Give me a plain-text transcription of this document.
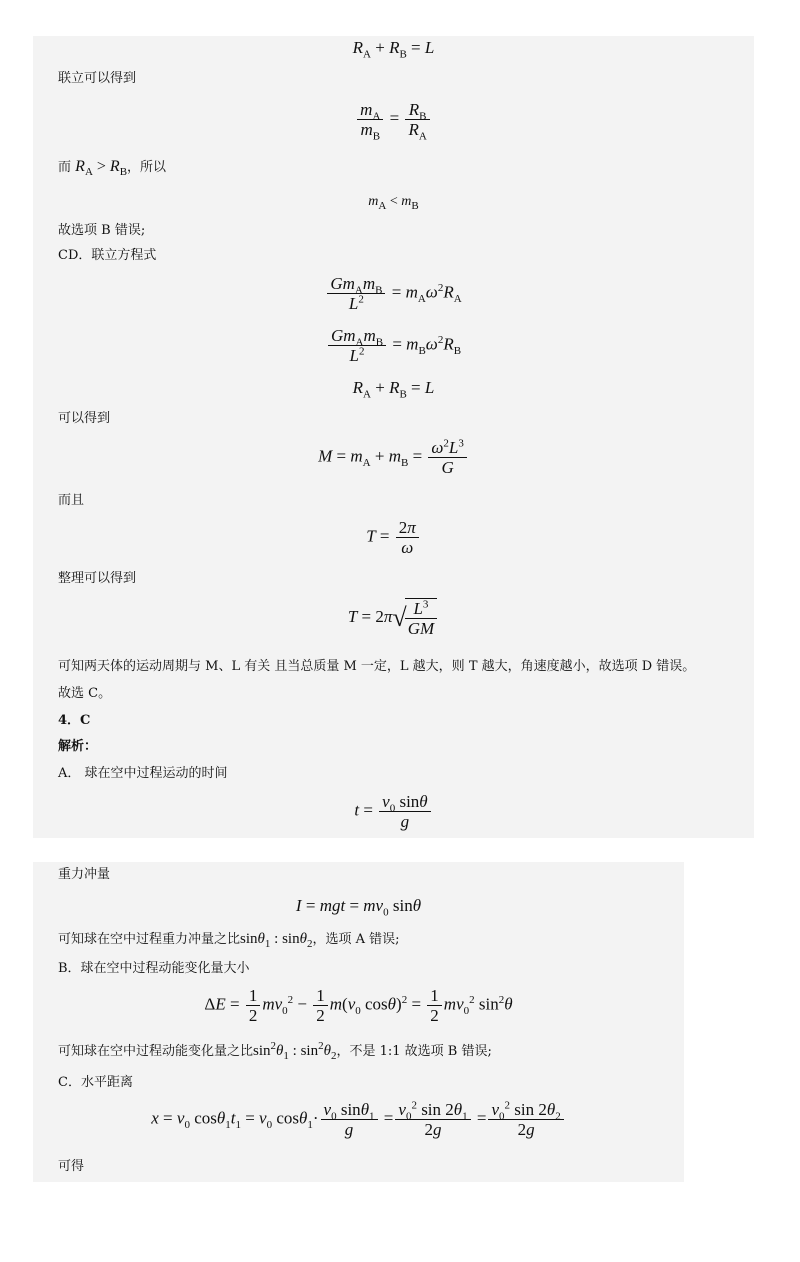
$R_A + R_B = L$
联立可以得到
$\frac{m_A}{m_B} = \frac{R_B}{R_A}$
而 $R_A > R_B$，所以
$m_A < m_B$
故选项 B 错误;
CD．联立方程式
$\frac{Gm_Am_B}{L^2} = m_A\omega^2R_A$
$\frac{Gm_Am_B}{L^2} = m_B\omega^2R_B$
$R_A + R_B = L$
可以得到
$M = m_A + m_B = \frac{\omega^2L^3}{G}$
而且
$T = \frac{2\pi}{\omega}$
整理可以得到
T = 2π√
$\frac{L^3}{GM}$
可知两天体的运动周期与 M、L 有关 且当总质量 M 一定，L 越大，则 T 越大，角速度越小，故选项 D 错误。
故选 C。
4．C
解析：
A． 球在空中过程运动的时间
$t = \frac{v_0 \sin\theta}{g}$
重力冲量
I = mgt = $mv_0$ sinθ
可知球在空中过程重力冲量之比sinθ$_1$ : sinθ$_2$，选项 A 错误;
B．球在空中过程动能变化量大小
$\Delta E = \frac{1}{2} mv_0^2 - \frac{1}{2} m(v_0$ $\cos\theta)^2 = \frac{1}{2} mv_0^2$ $\sin^2\theta$
可知球在空中过程动能变化量之比$\sin^2\theta_1$ : $\sin^2\theta_2$，不是 1:1 故选项 B 错误;
C．水平距离
$x = v_0$ $\cos\theta_1t_1 = v_0$ $\cos\theta_1\cdot \frac{v_0 \sin\theta_1}{g} = \frac{v_0^2 \sin 2\theta_1}{2g} = \frac{v_0^2 \sin 2\theta_2}{2g}$
可得
